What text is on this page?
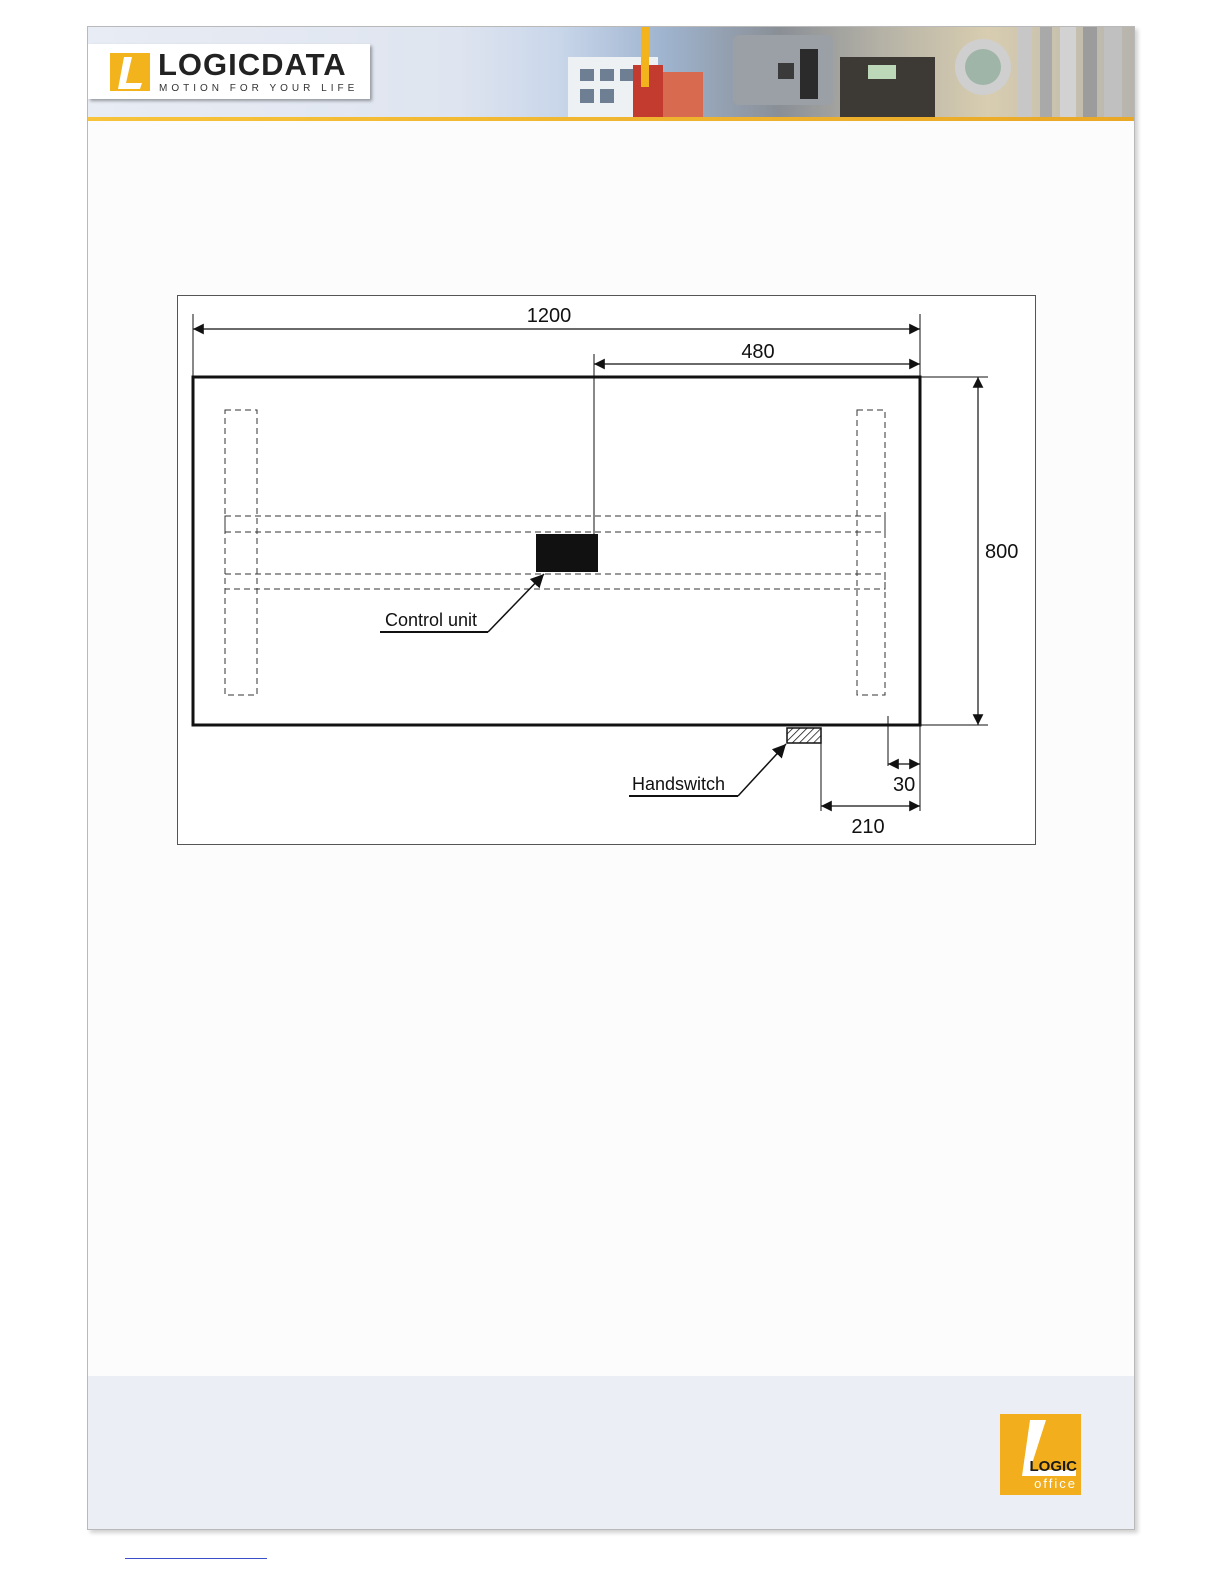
LOGICDATA
MOTION FOR YOUR LIFE
1200
480
800
30
210
Control unit
Handswitch
LOGIC
office
